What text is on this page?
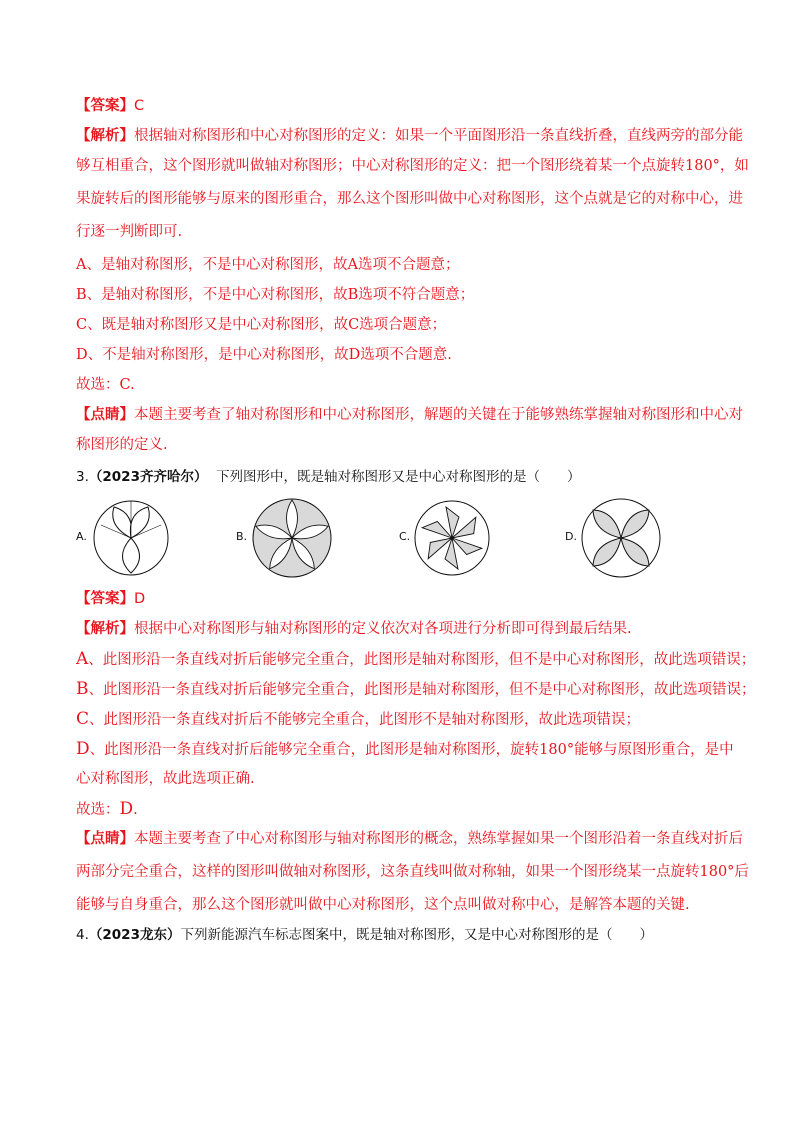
【答案】C
【解析】根据轴对称图形和中心对称图形的定义：如果一个平面图形沿一条直线折叠，直线两旁的部分能
够互相重合，这个图形就叫做轴对称图形；中心对称图形的定义：把一个图形绕着某一个点旋转180°，如
果旋转后的图形能够与原来的图形重合，那么这个图形叫做中心对称图形，这个点就是它的对称中心，进
行逐一判断即可.
A、是轴对称图形，不是中心对称图形，故A选项不合题意；
B、是轴对称图形，不是中心对称图形，故B选项不符合题意；
C、既是轴对称图形又是中心对称图形，故C选项合题意；
D、不是轴对称图形，是中心对称图形，故D选项不合题意.
故选：C.
【点睛】本题主要考查了轴对称图形和中心对称图形，解题的关键在于能够熟练掌握轴对称图形和中心对
称图形的定义.
3.（2023齐齐哈尔） 下列图形中，既是轴对称图形又是中心对称图形的是（　　）
A.	B.	C.	D.
【答案】D
【解析】根据中心对称图形与轴对称图形的定义依次对各项进行分析即可得到最后结果.
A、此图形沿一条直线对折后能够完全重合，此图形是轴对称图形，但不是中心对称图形，故此选项错误；
B、此图形沿一条直线对折后能够完全重合，此图形是轴对称图形，但不是中心对称图形，故此选项错误；
C、此图形沿一条直线对折后不能够完全重合，此图形不是轴对称图形，故此选项错误；
D、此图形沿一条直线对折后能够完全重合，此图形是轴对称图形，旋转180°能够与原图形重合，是中
心对称图形，故此选项正确.
故选：D.
【点睛】本题主要考查了中心对称图形与轴对称图形的概念，熟练掌握如果一个图形沿着一条直线对折后
两部分完全重合，这样的图形叫做轴对称图形，这条直线叫做对称轴，如果一个图形绕某一点旋转180°后
能够与自身重合，那么这个图形就叫做中心对称图形，这个点叫做对称中心，是解答本题的关键.
4.（2023龙东）下列新能源汽车标志图案中，既是轴对称图形，又是中心对称图形的是（　　）
